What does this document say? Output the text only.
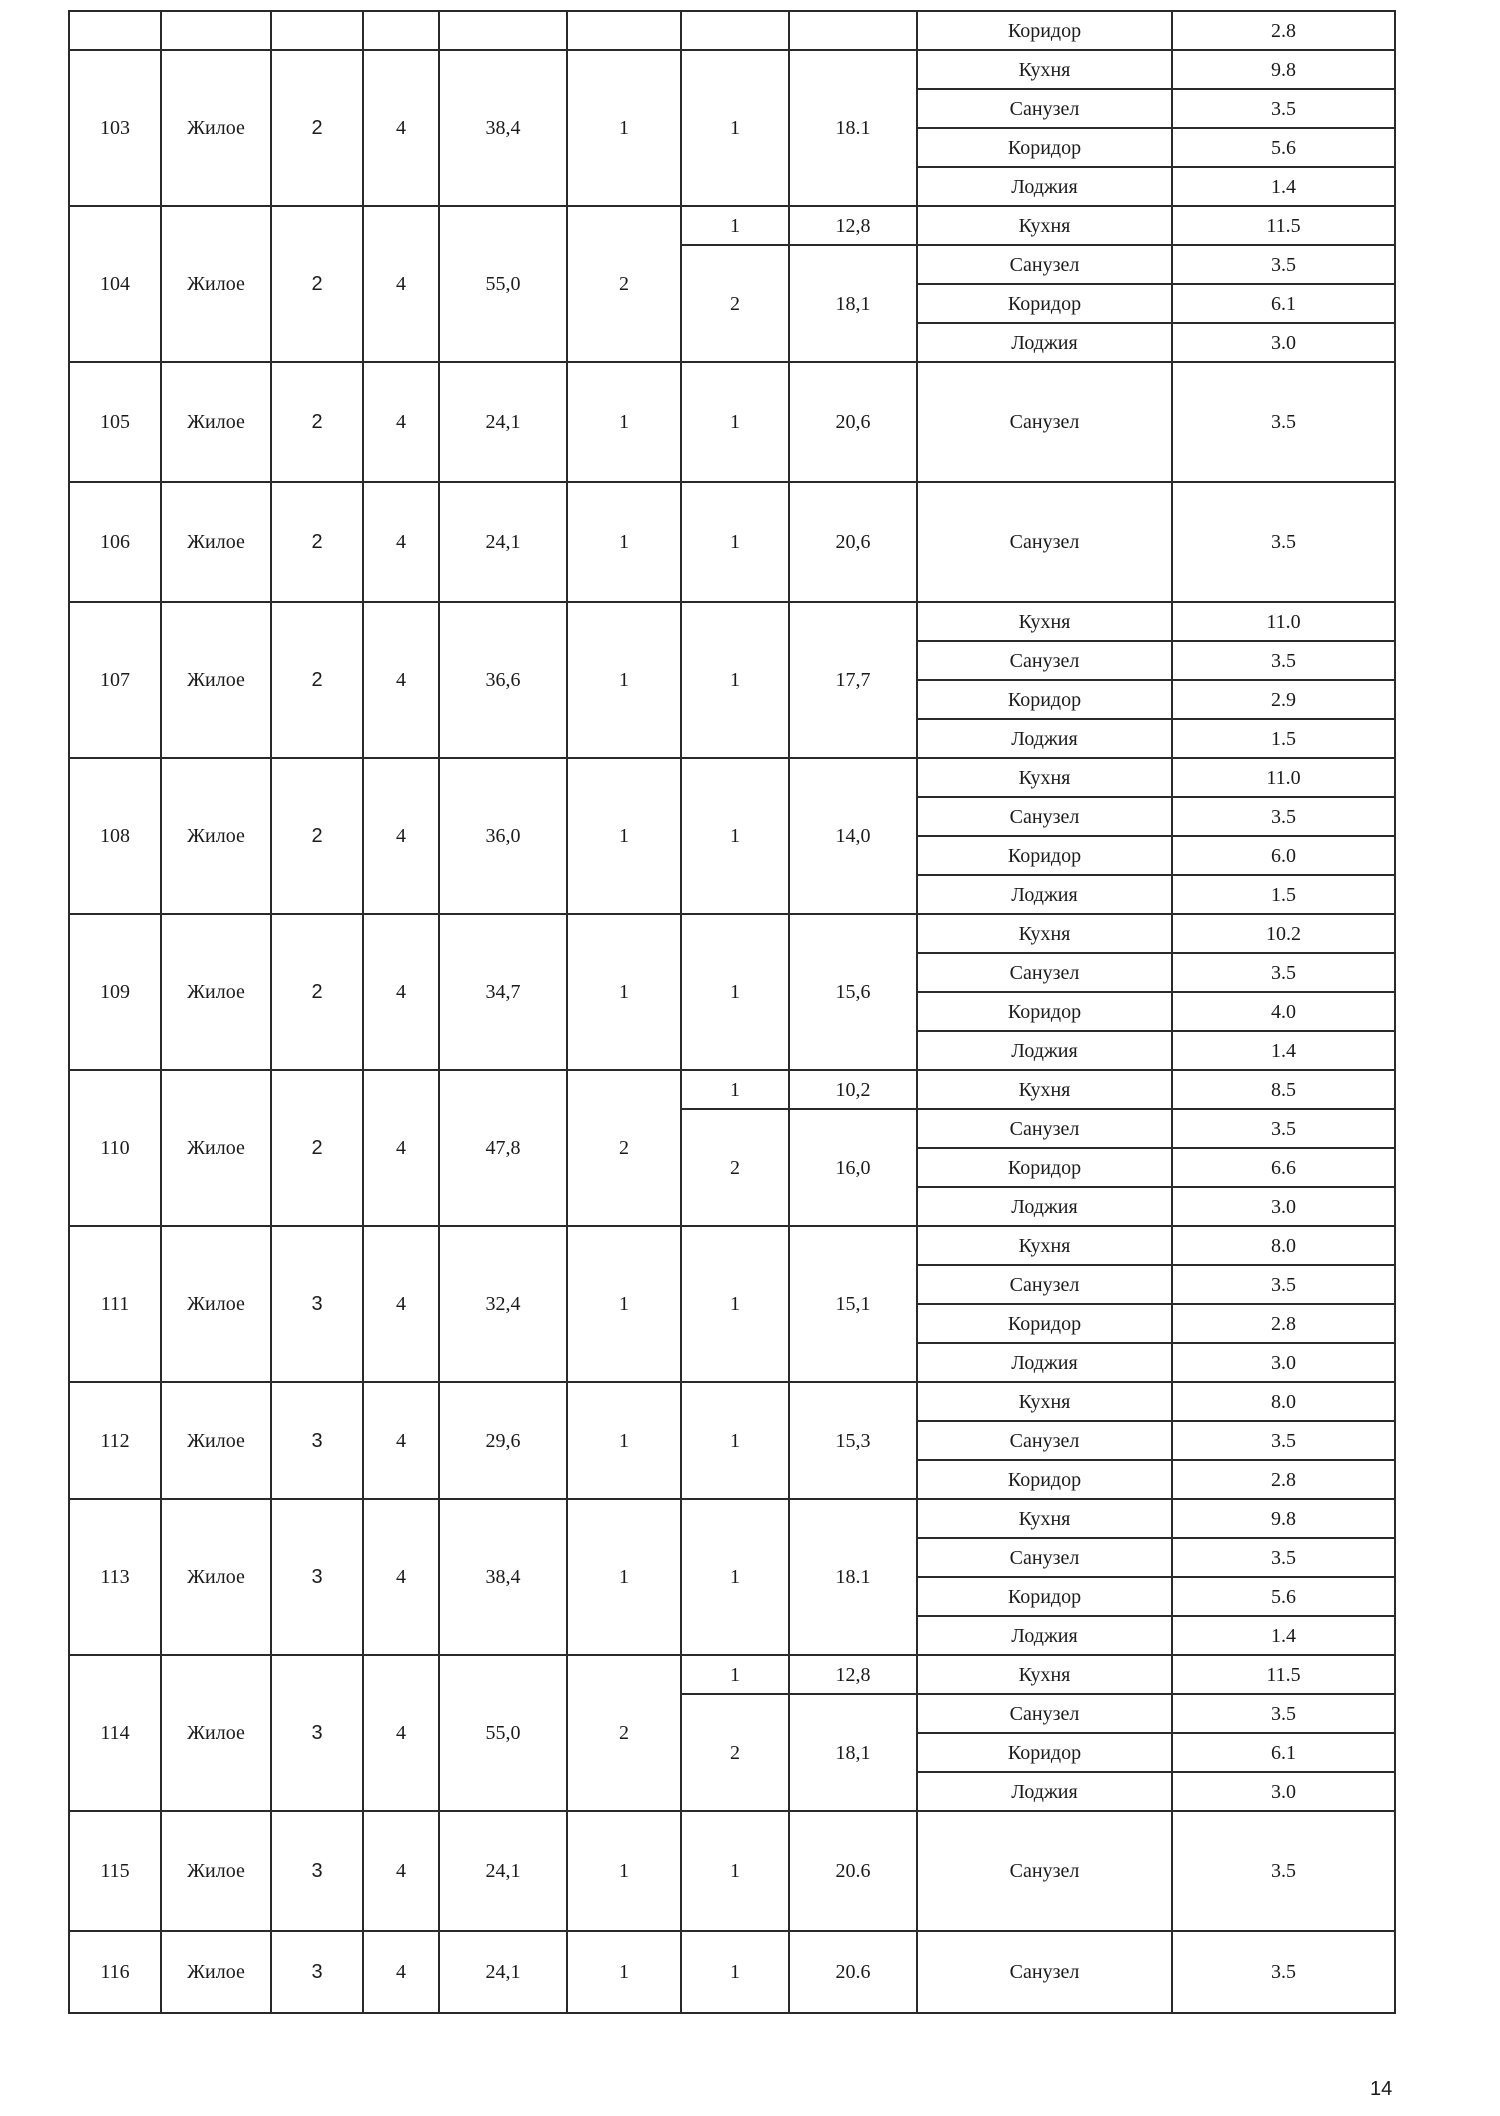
								Коридор	2.8
103	Жилое	2	4	38,4	1	1	18.1	Кухня	9.8
								Санузел	3.5
								Коридор	5.6
								Лоджия	1.4
104	Жилое	2	4	55,0	2	1	12,8	Кухня	11.5
						2	18,1	Санузел	3.5
								Коридор	6.1
								Лоджия	3.0
105	Жилое	2	4	24,1	1	1	20,6	Санузел	3.5
106	Жилое	2	4	24,1	1	1	20,6	Санузел	3.5
107	Жилое	2	4	36,6	1	1	17,7	Кухня	11.0
								Санузел	3.5
								Коридор	2.9
								Лоджия	1.5
108	Жилое	2	4	36,0	1	1	14,0	Кухня	11.0
								Санузел	3.5
								Коридор	6.0
								Лоджия	1.5
109	Жилое	2	4	34,7	1	1	15,6	Кухня	10.2
								Санузел	3.5
								Коридор	4.0
								Лоджия	1.4
110	Жилое	2	4	47,8	2	1	10,2	Кухня	8.5
						2	16,0	Санузел	3.5
								Коридор	6.6
								Лоджия	3.0
111	Жилое	3	4	32,4	1	1	15,1	Кухня	8.0
								Санузел	3.5
								Коридор	2.8
								Лоджия	3.0
112	Жилое	3	4	29,6	1	1	15,3	Кухня	8.0
								Санузел	3.5
								Коридор	2.8
113	Жилое	3	4	38,4	1	1	18.1	Кухня	9.8
								Санузел	3.5
								Коридор	5.6
								Лоджия	1.4
114	Жилое	3	4	55,0	2	1	12,8	Кухня	11.5
						2	18,1	Санузел	3.5
								Коридор	6.1
								Лоджия	3.0
115	Жилое	3	4	24,1	1	1	20.6	Санузел	3.5
116	Жилое	3	4	24,1	1	1	20.6	Санузел	3.5
14
